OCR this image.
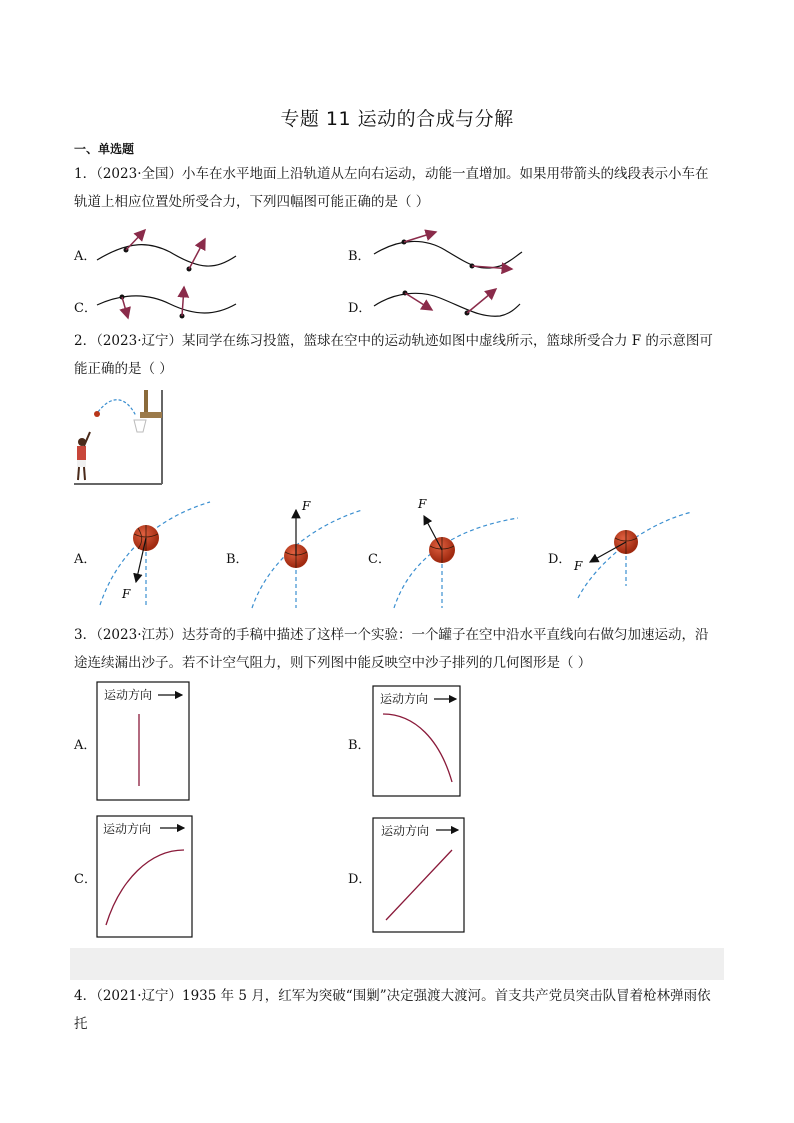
专题 11 运动的合成与分解
一、单选题
1．（2023·全国）小车在水平地面上沿轨道从左向右运动，动能一直增加。如果用带箭头的线段表示小车在
轨道上相应位置处所受合力，下列四幅图可能正确的是（ ）
A．	B．
C．	D．
2．（2023·辽宁）某同学在练习投篮，篮球在空中的运动轨迹如图中虚线所示，篮球所受合力 F 的示意图可
能正确的是（ ）
A．	B．	C．	D．
F
F	F
F
3．（2023·江苏）达芬奇的手稿中描述了这样一个实验：一个罐子在空中沿水平直线向右做匀加速运动，沿
途连续漏出沙子。若不计空气阻力，则下列图中能反映空中沙子排列的几何图形是（ ）
A．	B．
C．	D．
运动方向	运动方向
运动方向	运动方向
4．（2021·辽宁）1935 年 5 月，红军为突破“围剿”决定强渡大渡河。首支共产党员突击队冒着枪林弹雨依托
